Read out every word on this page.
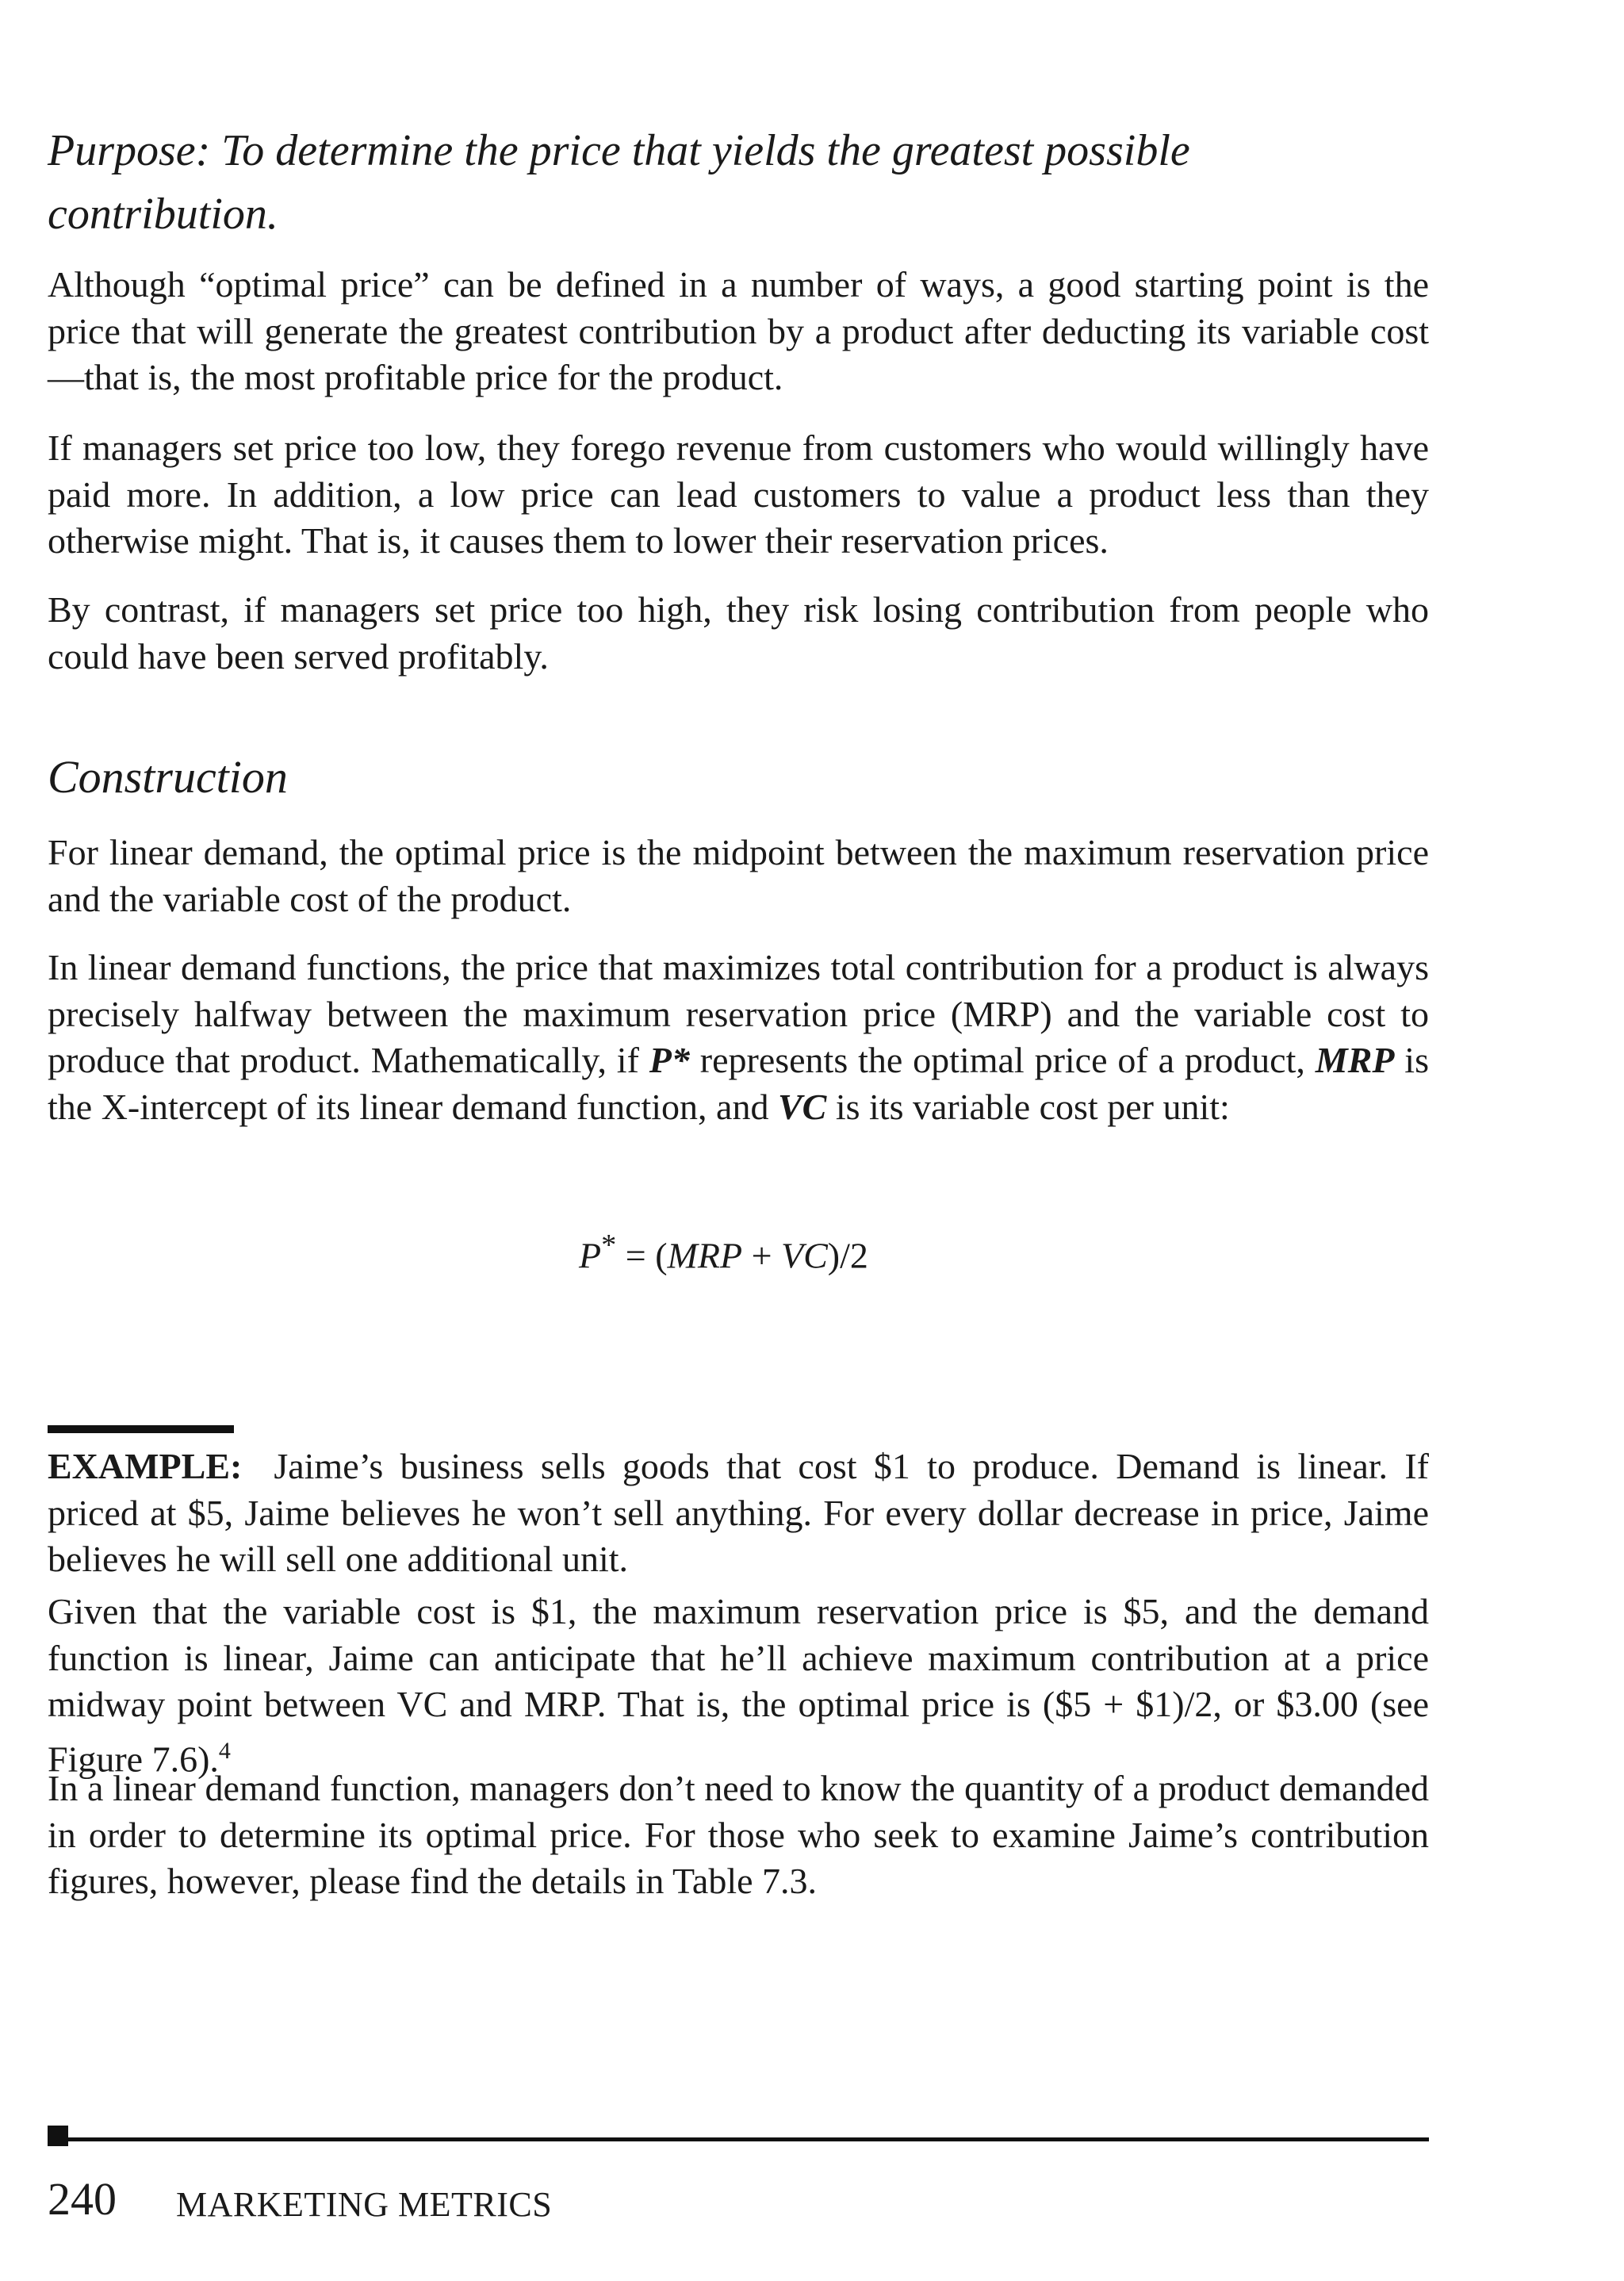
Purpose: To determine the price that yields the greatest possible
contribution.

Although “optimal price” can be defined in a number of ways, a good starting point is the price that will generate the greatest contribution by a product after deducting its variable cost—that is, the most profitable price for the product.

If managers set price too low, they forego revenue from customers who would willingly have paid more. In addition, a low price can lead customers to value a product less than they otherwise might. That is, it causes them to lower their reservation prices.

By contrast, if managers set price too high, they risk losing contribution from people who could have been served profitably.

Construction

For linear demand, the optimal price is the midpoint between the maximum reservation price and the variable cost of the product.

In linear demand functions, the price that maximizes total contribution for a product is always precisely halfway between the maximum reservation price (MRP) and the variable cost to produce that product. Mathematically, if P* represents the optimal price of a product, MRP is the X-intercept of its linear demand function, and VC is its variable cost per unit:

P* = (MRP + VC)/2

EXAMPLE: Jaime’s business sells goods that cost $1 to produce. Demand is linear. If priced at $5, Jaime believes he won’t sell anything. For every dollar decrease in price, Jaime believes he will sell one additional unit.

Given that the variable cost is $1, the maximum reservation price is $5, and the demand function is linear, Jaime can anticipate that he’ll achieve maximum contribution at a price midway point between VC and MRP. That is, the optimal price is ($5 + $1)/2, or $3.00 (see Figure 7.6).$^4$

In a linear demand function, managers don’t need to know the quantity of a product demanded in order to determine its optimal price. For those who seek to examine Jaime’s contribution figures, however, please find the details in Table 7.3.

240 MARKETING METRICS
